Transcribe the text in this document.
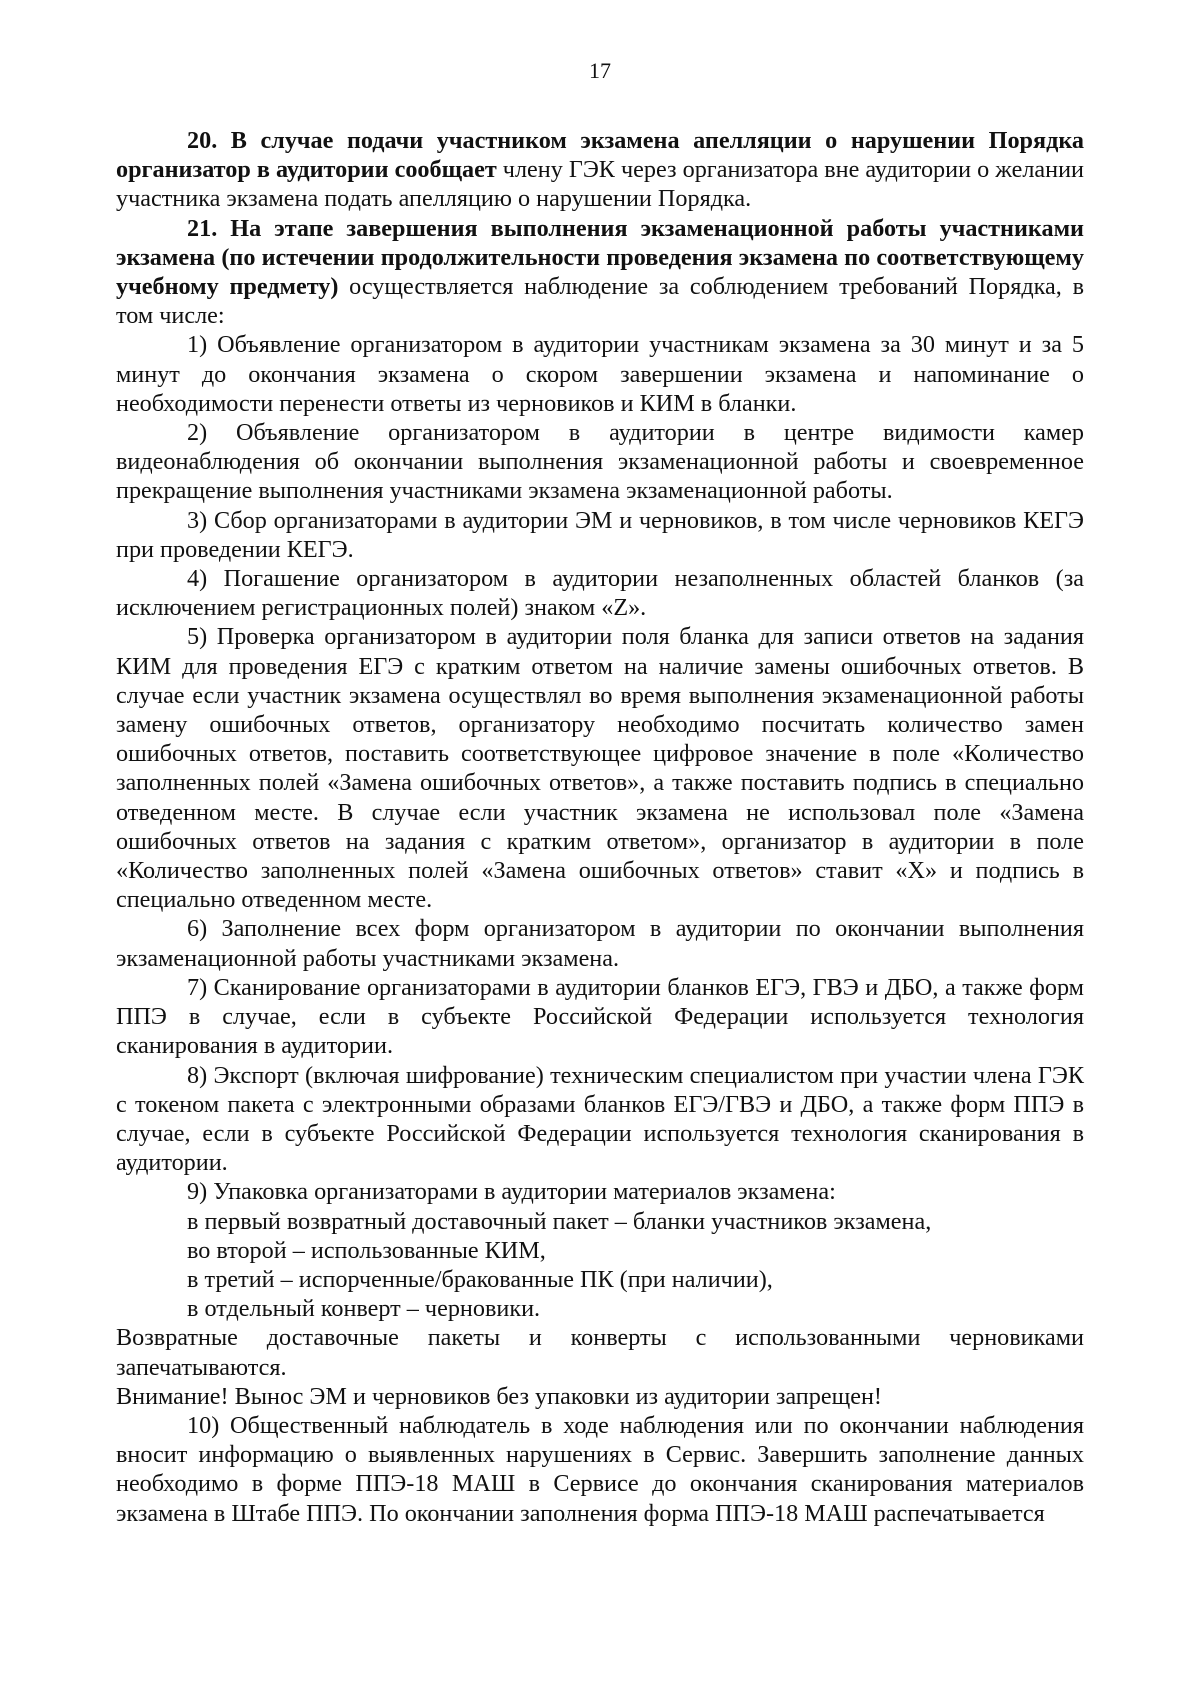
17

20. В случае подачи участником экзамена апелляции о нарушении Порядка организатор в аудитории сообщает члену ГЭК через организатора вне аудитории о желании участника экзамена подать апелляцию о нарушении Порядка.

21. На этапе завершения выполнения экзаменационной работы участниками экзамена (по истечении продолжительности проведения экзамена по соответствующему учебному предмету) осуществляется наблюдение за соблюдением требований Порядка, в том числе:

1) Объявление организатором в аудитории участникам экзамена за 30 минут и за 5 минут до окончания экзамена о скором завершении экзамена и напоминание о необходимости перенести ответы из черновиков и КИМ в бланки.

2) Объявление организатором в аудитории в центре видимости камер видеонаблюдения об окончании выполнения экзаменационной работы и своевременное прекращение выполнения участниками экзамена экзаменационной работы.

3) Сбор организаторами в аудитории ЭМ и черновиков, в том числе черновиков КЕГЭ при проведении КЕГЭ.

4) Погашение организатором в аудитории незаполненных областей бланков (за исключением регистрационных полей) знаком «Z».

5) Проверка организатором в аудитории поля бланка для записи ответов на задания КИМ для проведения ЕГЭ с кратким ответом на наличие замены ошибочных ответов. В случае если участник экзамена осуществлял во время выполнения экзаменационной работы замену ошибочных ответов, организатору необходимо посчитать количество замен ошибочных ответов, поставить соответствующее цифровое значение в поле «Количество заполненных полей «Замена ошибочных ответов», а также поставить подпись в специально отведенном месте. В случае если участник экзамена не использовал поле «Замена ошибочных ответов на задания с кратким ответом», организатор в аудитории в поле «Количество заполненных полей «Замена ошибочных ответов» ставит «X» и подпись в специально отведенном месте.

6) Заполнение всех форм организатором в аудитории по окончании выполнения экзаменационной работы участниками экзамена.

7) Сканирование организаторами в аудитории бланков ЕГЭ, ГВЭ и ДБО, а также форм ППЭ в случае, если в субъекте Российской Федерации используется технология сканирования в аудитории.

8) Экспорт (включая шифрование) техническим специалистом при участии члена ГЭК с токеном пакета с электронными образами бланков ЕГЭ/ГВЭ и ДБО, а также форм ППЭ в случае, если в субъекте Российской Федерации используется технология сканирования в аудитории.

9) Упаковка организаторами в аудитории материалов экзамена:

в первый возвратный доставочный пакет – бланки участников экзамена,

во второй – использованные КИМ,

в третий – испорченные/бракованные ПК (при наличии),

в отдельный конверт – черновики.

Возвратные доставочные пакеты и конверты с использованными черновиками запечатываются.

Внимание! Вынос ЭМ и черновиков без упаковки из аудитории запрещен!

10) Общественный наблюдатель в ходе наблюдения или по окончании наблюдения вносит информацию о выявленных нарушениях в Сервис. Завершить заполнение данных необходимо в форме ППЭ-18 МАШ в Сервисе до окончания сканирования материалов экзамена в Штабе ППЭ. По окончании заполнения форма ППЭ-18 МАШ распечатывается
